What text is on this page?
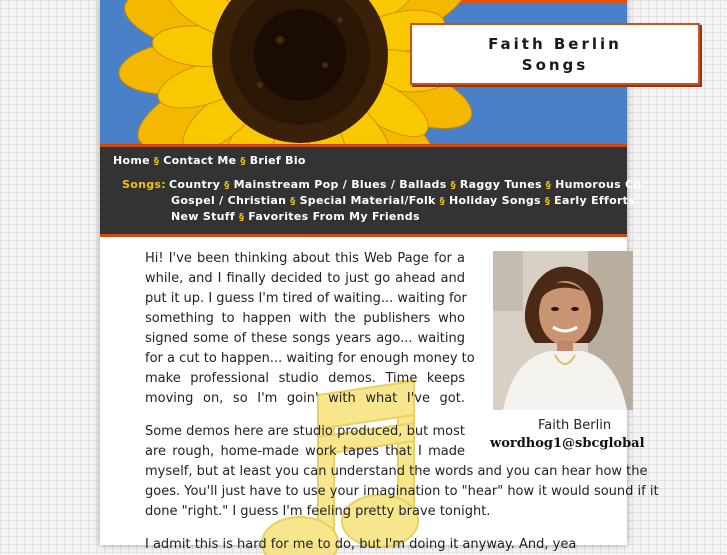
Faith Berlin
Songs
Home § Contact Me § Brief Bio
Songs: Country § Mainstream Pop / Blues / Ballads § Raggy Tunes § Humorous Co
Gospel / Christian § Special Material/Folk § Holiday Songs § Early Efforts
New Stuff § Favorites From My Friends

Hi! I've been thinking about this Web Page for a
while, and I finally decided to just go ahead and
put it up. I guess I'm tired of waiting... waiting for
something to happen with the publishers who
signed some of these songs years ago... waiting
for a cut to happen... waiting for enough money to
make professional studio demos. Time keeps
moving on, so I'm goin' with what I've got.

Some demos here are studio produced, but most
are rough, home-made work tapes that I made
myself, but at least you can understand the words and you can hear how the
goes. You'll just have to use your imagination to "hear" how it would sound if it
done "right." I guess I'm feeling pretty brave tonight.

I admit this is hard for me to do, but I'm doing it anyway. And, yea

Faith Berlin
wordhog1@sbcglobal
